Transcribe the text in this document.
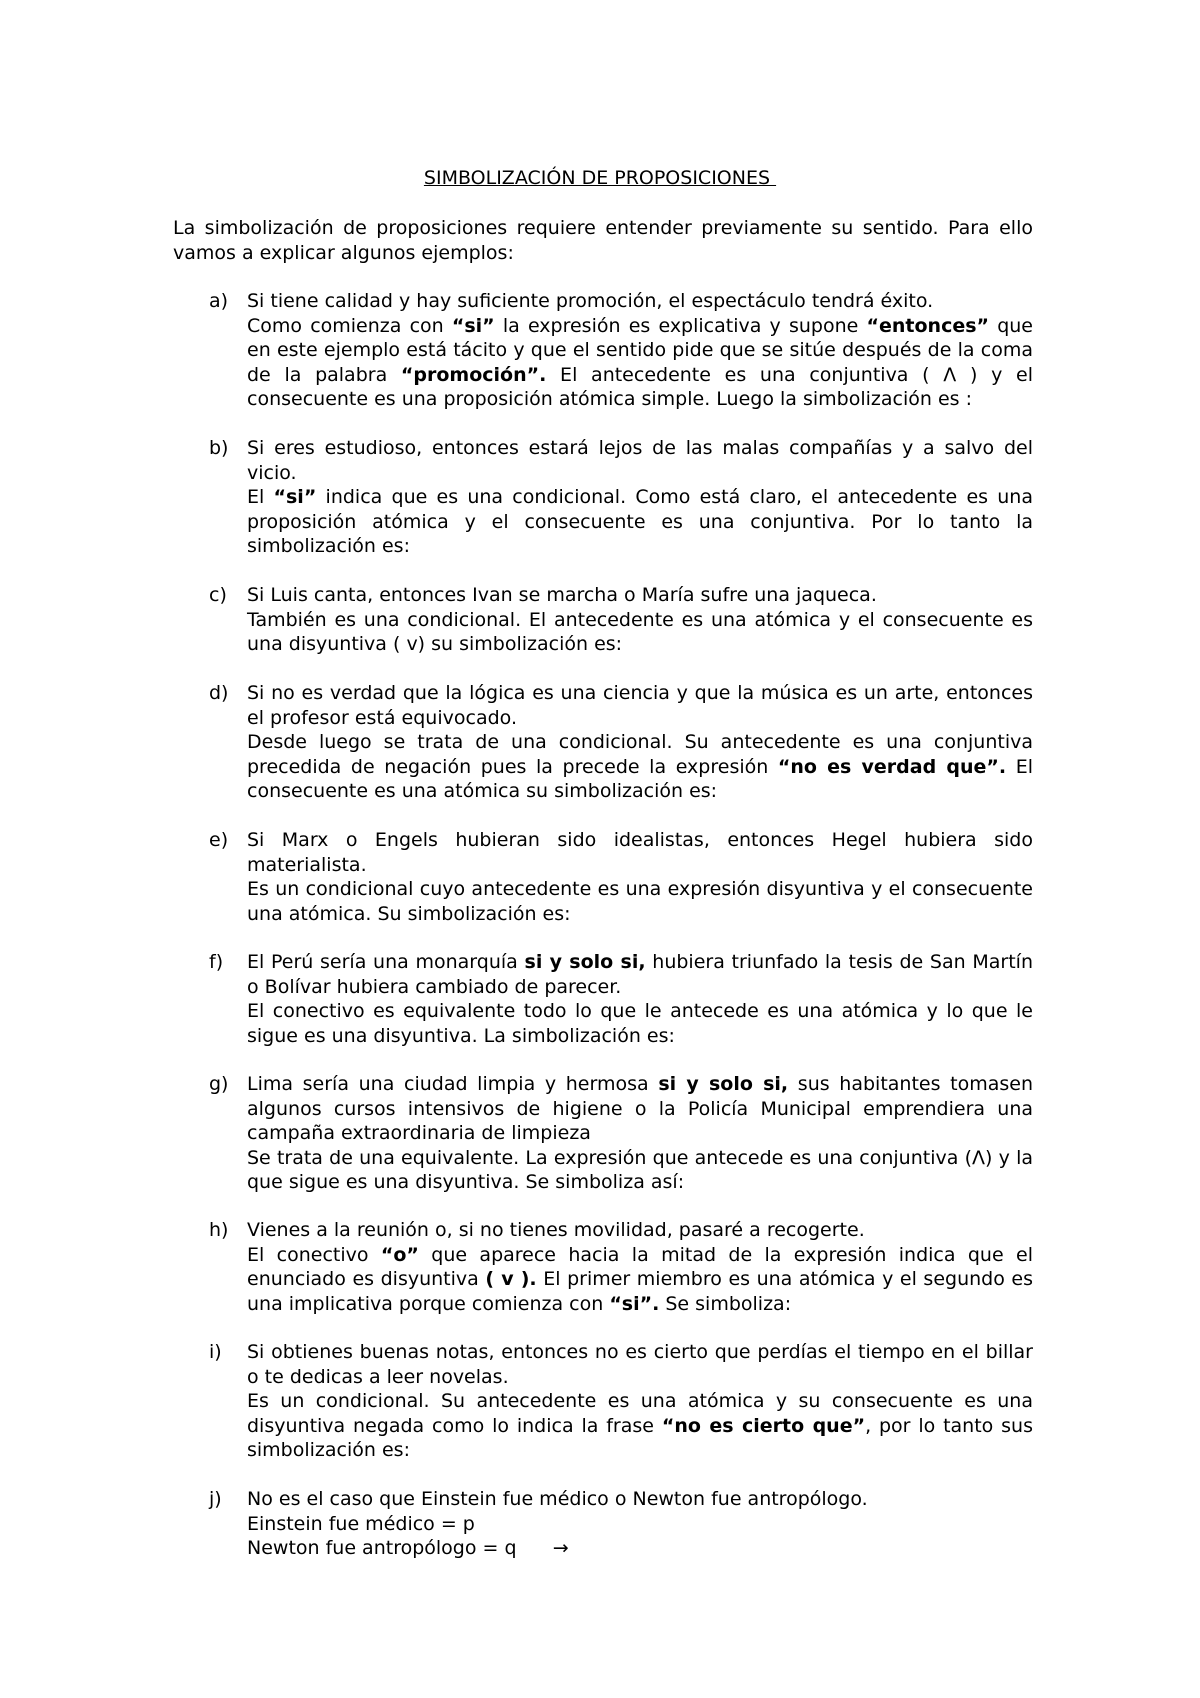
SIMBOLIZACIÓN DE PROPOSICIONES

La simbolización de proposiciones requiere entender previamente su sentido. Para ello vamos a explicar algunos ejemplos:

a) Si tiene calidad y hay suficiente promoción, el espectáculo tendrá éxito.

Como comienza con “si” la expresión es explicativa y supone “entonces” que en este ejemplo está tácito y que el sentido pide que se sitúe después de la coma de la palabra “promoción”. El antecedente es una conjuntiva ( Λ ) y el consecuente es una proposición atómica simple. Luego la simbolización es :

b) Si eres estudioso, entonces estará lejos de las malas compañías y a salvo del vicio.

El “si” indica que es una condicional. Como está claro, el antecedente es una proposición atómica y el consecuente es una conjuntiva. Por lo tanto la simbolización es:

c) Si Luis canta, entonces Ivan se marcha o María sufre una jaqueca.

También es una condicional. El antecedente es una atómica y el consecuente es una disyuntiva ( v) su simbolización es:

d) Si no es verdad que la lógica es una ciencia y que la música es un arte, entonces el profesor está equivocado.

Desde luego se trata de una condicional. Su antecedente es una conjuntiva precedida de negación pues la precede la expresión “no es verdad que”. El consecuente es una atómica su simbolización es:

e) Si Marx o Engels hubieran sido idealistas, entonces Hegel hubiera sido materialista.

Es un condicional cuyo antecedente es una expresión disyuntiva y el consecuente una atómica. Su simbolización es:

f) El Perú sería una monarquía si y solo si, hubiera triunfado la tesis de San Martín o Bolívar hubiera cambiado de parecer.

El conectivo es equivalente todo lo que le antecede es una atómica y lo que le sigue es una disyuntiva. La simbolización es:

g) Lima sería una ciudad limpia y hermosa si y solo si, sus habitantes tomasen algunos cursos intensivos de higiene o la Policía Municipal emprendiera una campaña extraordinaria de limpieza

Se trata de una equivalente. La expresión que antecede es una conjuntiva (Λ) y la que sigue es una disyuntiva. Se simboliza así:

h) Vienes a la reunión o, si no tienes movilidad, pasaré a recogerte.

El conectivo “o” que aparece hacia la mitad de la expresión indica que el enunciado es disyuntiva ( v ). El primer miembro es una atómica y el segundo es una implicativa porque comienza con “si”. Se simboliza:

i) Si obtienes buenas notas, entonces no es cierto que perdías el tiempo en el billar o te dedicas a leer novelas.

Es un condicional. Su antecedente es una atómica y su consecuente es una disyuntiva negada como lo indica la frase “no es cierto que”, por lo tanto sus simbolización es:

j) No es el caso que Einstein fue médico o Newton fue antropólogo.

Einstein fue médico = p

Newton fue antropólogo = q      →
